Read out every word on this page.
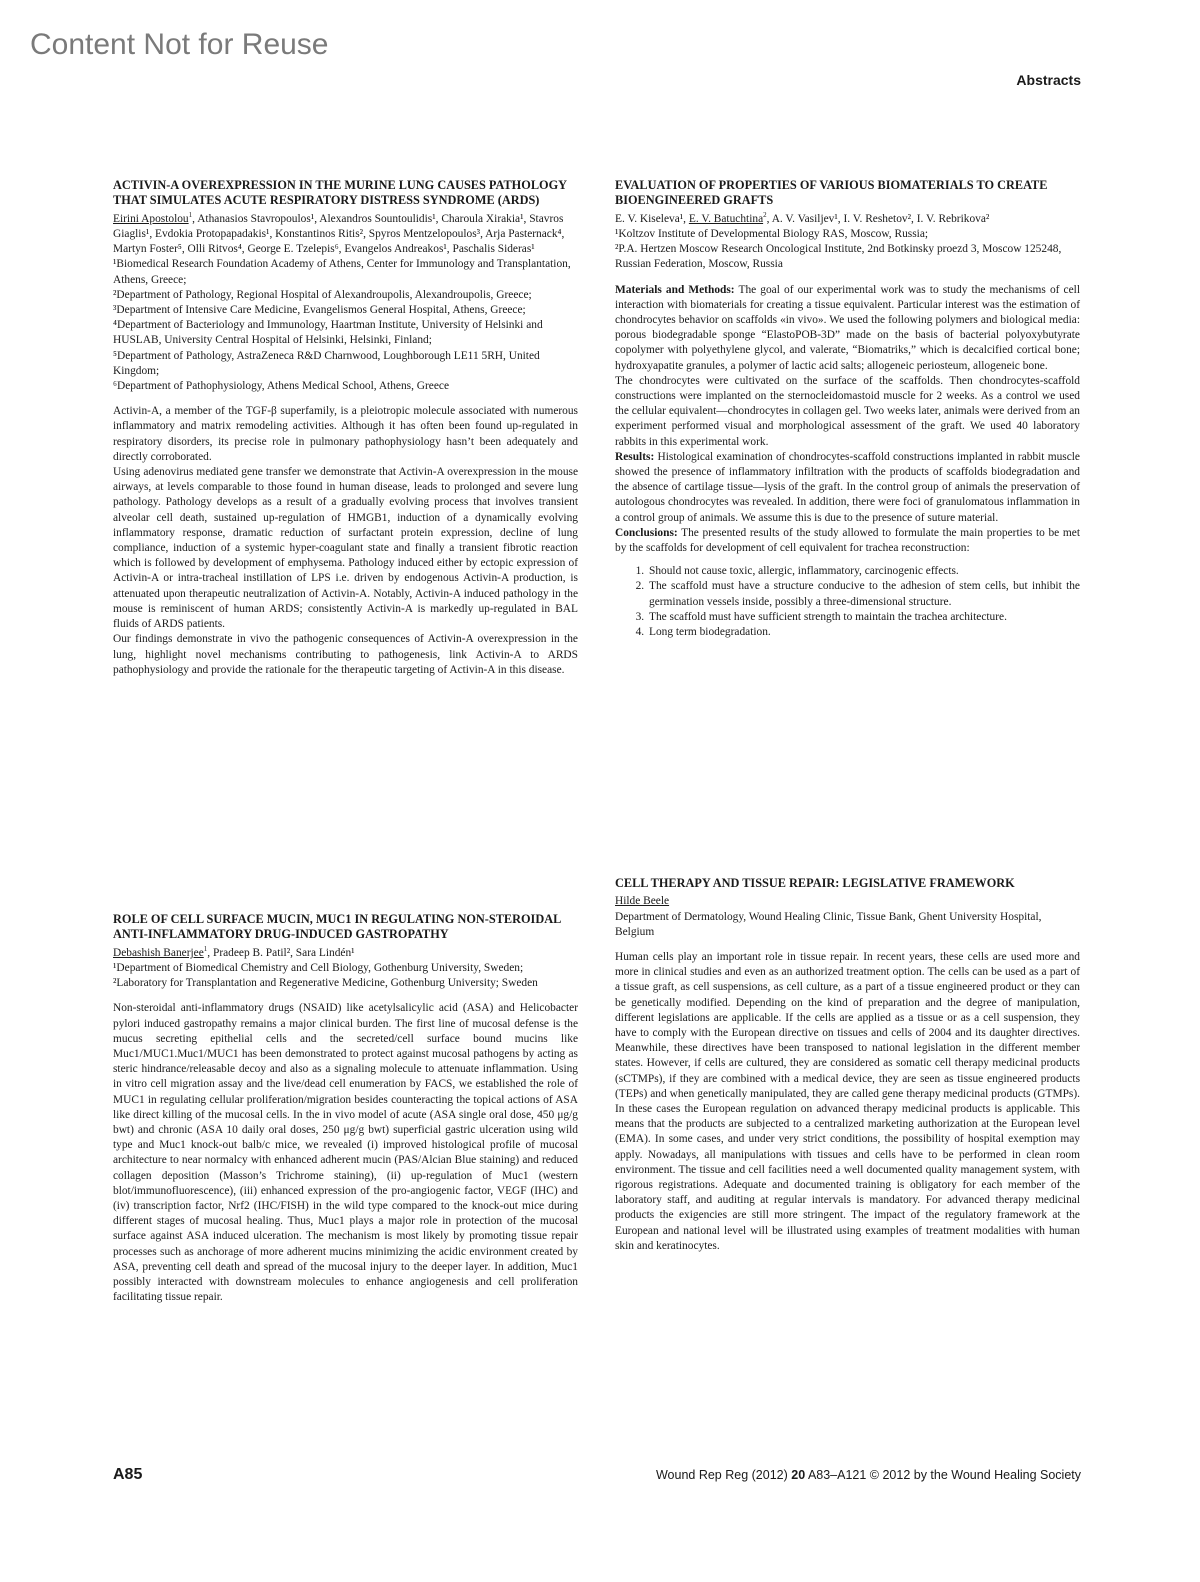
Content Not for Reuse
Abstracts
ACTIVIN-A OVEREXPRESSION IN THE MURINE LUNG CAUSES PATHOLOGY THAT SIMULATES ACUTE RESPIRATORY DISTRESS SYNDROME (ARDS)
Eirini Apostolou$^1$, Athanasios Stavropoulos¹, Alexandros Sountoulidis¹, Charoula Xirakia¹, Stavros Giaglis¹, Evdokia Protopapadakis¹, Konstantinos Ritis², Spyros Mentzelopoulos³, Arja Pasternack⁴, Martyn Foster⁵, Olli Ritvos⁴, George E. Tzelepis⁶, Evangelos Andreakos¹, Paschalis Sideras¹
¹Biomedical Research Foundation Academy of Athens, Center for Immunology and Transplantation, Athens, Greece;
²Department of Pathology, Regional Hospital of Alexandroupolis, Alexandroupolis, Greece;
³Department of Intensive Care Medicine, Evangelismos General Hospital, Athens, Greece;
⁴Department of Bacteriology and Immunology, Haartman Institute, University of Helsinki and HUSLAB, University Central Hospital of Helsinki, Helsinki, Finland;
⁵Department of Pathology, AstraZeneca R&D Charnwood, Loughborough LE11 5RH, United Kingdom;
⁶Department of Pathophysiology, Athens Medical School, Athens, Greece

Activin-A, a member of the TGF-β superfamily, is a pleiotropic molecule associated with numerous inflammatory and matrix remodeling activities. Although it has often been found up-regulated in respiratory disorders, its precise role in pulmonary pathophysiology hasn’t been adequately and directly corroborated.

Using adenovirus mediated gene transfer we demonstrate that Activin-A overexpression in the mouse airways, at levels comparable to those found in human disease, leads to prolonged and severe lung pathology. Pathology develops as a result of a gradually evolving process that involves transient alveolar cell death, sustained up-regulation of HMGB1, induction of a dynamically evolving inflammatory response, dramatic reduction of surfactant protein expression, decline of lung compliance, induction of a systemic hyper-coagulant state and finally a transient fibrotic reaction which is followed by development of emphysema. Pathology induced either by ectopic expression of Activin-A or intra-tracheal instillation of LPS i.e. driven by endogenous Activin-A production, is attenuated upon therapeutic neutralization of Activin-A. Notably, Activin-A induced pathology in the mouse is reminiscent of human ARDS; consistently Activin-A is markedly up-regulated in BAL fluids of ARDS patients.

Our findings demonstrate in vivo the pathogenic consequences of Activin-A overexpression in the lung, highlight novel mechanisms contributing to pathogenesis, link Activin-A to ARDS pathophysiology and provide the rationale for the therapeutic targeting of Activin-A in this disease.

ROLE OF CELL SURFACE MUCIN, MUC1 IN REGULATING NON-STEROIDAL ANTI-INFLAMMATORY DRUG-INDUCED GASTROPATHY
Debashish Banerjee$^1$, Pradeep B. Patil², Sara Lindén¹
¹Department of Biomedical Chemistry and Cell Biology, Gothenburg University, Sweden;
²Laboratory for Transplantation and Regenerative Medicine, Gothenburg University; Sweden

Non-steroidal anti-inflammatory drugs (NSAID) like acetylsalicylic acid (ASA) and Helicobacter pylori induced gastropathy remains a major clinical burden. The first line of mucosal defense is the mucus secreting epithelial cells and the secreted/cell surface bound mucins like Muc1/MUC1.Muc1/MUC1 has been demonstrated to protect against mucosal pathogens by acting as steric hindrance/releasable decoy and also as a signaling molecule to attenuate inflammation. Using in vitro cell migration assay and the live/dead cell enumeration by FACS, we established the role of MUC1 in regulating cellular proliferation/migration besides counteracting the topical actions of ASA like direct killing of the mucosal cells. In the in vivo model of acute (ASA single oral dose, 450 μg/g bwt) and chronic (ASA 10 daily oral doses, 250 μg/g bwt) superficial gastric ulceration using wild type and Muc1 knock-out balb/c mice, we revealed (i) improved histological profile of mucosal architecture to near normalcy with enhanced adherent mucin (PAS/Alcian Blue staining) and reduced collagen deposition (Masson’s Trichrome staining), (ii) up-regulation of Muc1 (western blot/immunofluorescence), (iii) enhanced expression of the pro-angiogenic factor, VEGF (IHC) and (iv) transcription factor, Nrf2 (IHC/FISH) in the wild type compared to the knock-out mice during different stages of mucosal healing. Thus, Muc1 plays a major role in protection of the mucosal surface against ASA induced ulceration. The mechanism is most likely by promoting tissue repair processes such as anchorage of more adherent mucins minimizing the acidic environment created by ASA, preventing cell death and spread of the mucosal injury to the deeper layer. In addition, Muc1 possibly interacted with downstream molecules to enhance angiogenesis and cell proliferation facilitating tissue repair.

EVALUATION OF PROPERTIES OF VARIOUS BIOMATERIALS TO CREATE BIOENGINEERED GRAFTS
E. V. Kiseleva¹, E. V. Batuchtina$^2$, A. V. Vasiljev¹, I. V. Reshetov², I. V. Rebrikova²
¹Koltzov Institute of Developmental Biology RAS, Moscow, Russia;
²P.A. Hertzen Moscow Research Oncological Institute, 2nd Botkinsky proezd 3, Moscow 125248, Russian Federation, Moscow, Russia

Materials and Methods: The goal of our experimental work was to study the mechanisms of cell interaction with biomaterials for creating a tissue equivalent. Particular interest was the estimation of chondrocytes behavior on scaffolds «in vivo». We used the following polymers and biological media: porous biodegradable sponge “ElastoPOB-3D” made on the basis of bacterial polyoxybutyrate copolymer with polyethylene glycol, and valerate, “Biomatriks,” which is decalcified cortical bone; hydroxyapatite granules, a polymer of lactic acid salts; allogeneic periosteum, allogeneic bone.

The chondrocytes were cultivated on the surface of the scaffolds. Then chondrocytes-scaffold constructions were implanted on the sternocleidomastoid muscle for 2 weeks. As a control we used the cellular equivalent—chondrocytes in collagen gel. Two weeks later, animals were derived from an experiment performed visual and morphological assessment of the graft. We used 40 laboratory rabbits in this experimental work.

Results: Histological examination of chondrocytes-scaffold constructions implanted in rabbit muscle showed the presence of inflammatory infiltration with the products of scaffolds biodegradation and the absence of cartilage tissue—lysis of the graft. In the control group of animals the preservation of autologous chondrocytes was revealed. In addition, there were foci of granulomatous inflammation in a control group of animals. We assume this is due to the presence of suture material.

Conclusions: The presented results of the study allowed to formulate the main properties to be met by the scaffolds for development of cell equivalent for trachea reconstruction:

1. Should not cause toxic, allergic, inflammatory, carcinogenic effects.
2. The scaffold must have a structure conducive to the adhesion of stem cells, but inhibit the germination vessels inside, possibly a three-dimensional structure.
3. The scaffold must have sufficient strength to maintain the trachea architecture.
4. Long term biodegradation.
CELL THERAPY AND TISSUE REPAIR: LEGISLATIVE FRAMEWORK
Hilde Beele
Department of Dermatology, Wound Healing Clinic, Tissue Bank, Ghent University Hospital, Belgium

Human cells play an important role in tissue repair. In recent years, these cells are used more and more in clinical studies and even as an authorized treatment option. The cells can be used as a part of a tissue graft, as cell suspensions, as cell culture, as a part of a tissue engineered product or they can be genetically modified. Depending on the kind of preparation and the degree of manipulation, different legislations are applicable. If the cells are applied as a tissue or as a cell suspension, they have to comply with the European directive on tissues and cells of 2004 and its daughter directives. Meanwhile, these directives have been transposed to national legislation in the different member states. However, if cells are cultured, they are considered as somatic cell therapy medicinal products (sCTMPs), if they are combined with a medical device, they are seen as tissue engineered products (TEPs) and when genetically manipulated, they are called gene therapy medicinal products (GTMPs). In these cases the European regulation on advanced therapy medicinal products is applicable. This means that the products are subjected to a centralized marketing authorization at the European level (EMA). In some cases, and under very strict conditions, the possibility of hospital exemption may apply. Nowadays, all manipulations with tissues and cells have to be performed in clean room environment. The tissue and cell facilities need a well documented quality management system, with rigorous registrations. Adequate and documented training is obligatory for each member of the laboratory staff, and auditing at regular intervals is mandatory. For advanced therapy medicinal products the exigencies are still more stringent. The impact of the regulatory framework at the European and national level will be illustrated using examples of treatment modalities with human skin and keratinocytes.

A85	Wound Rep Reg (2012) 20 A83–A121 © 2012 by the Wound Healing Society
